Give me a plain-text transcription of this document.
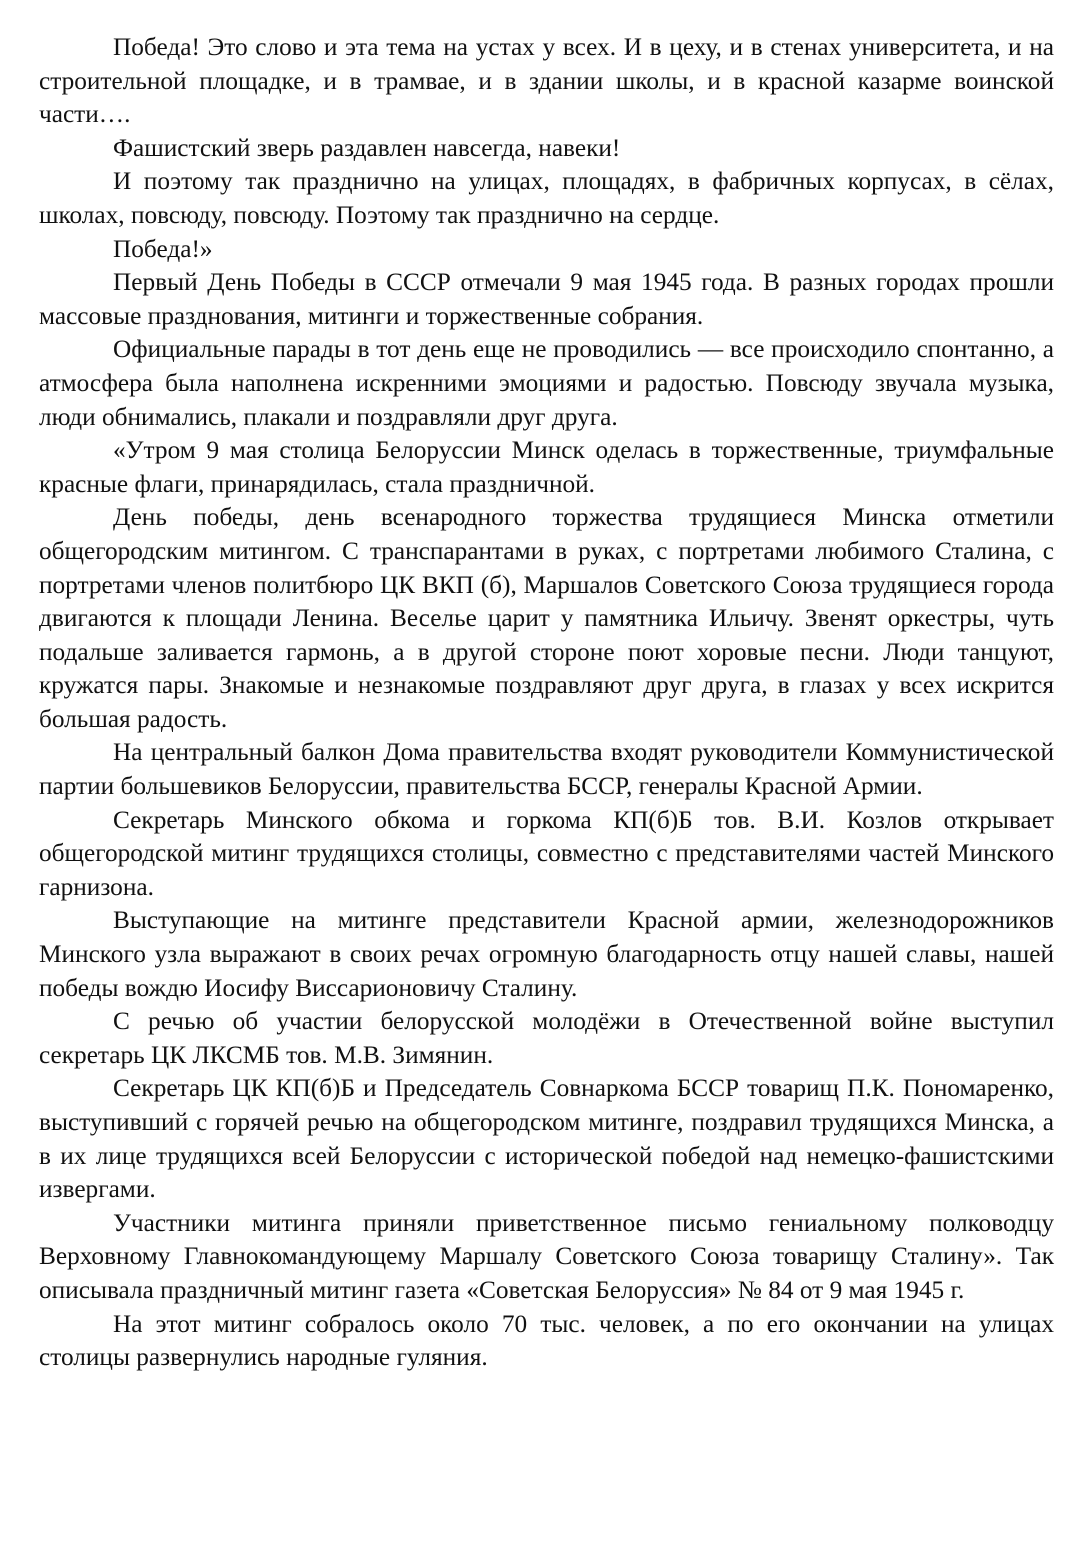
Победа! Это слово и эта тема на устах у всех. И в цеху, и в стенах университета, и на строительной площадке, и в трамвае, и в здании школы, и в красной казарме воинской части….

Фашистский зверь раздавлен навсегда, навеки!

И поэтому так празднично на улицах, площадях, в фабричных корпусах, в сёлах, школах, повсюду, повсюду. Поэтому так празднично на сердце.

Победа!»

Первый День Победы в СССР отмечали 9 мая 1945 года. В разных городах прошли массовые празднования, митинги и торжественные собрания.

Официальные парады в тот день еще не проводились — все происходило спонтанно, а атмосфера была наполнена искренними эмоциями и радостью. Повсюду звучала музыка, люди обнимались, плакали и поздравляли друг друга.

«Утром 9 мая столица Белоруссии Минск оделась в торжественные, триумфальные красные флаги, принарядилась, стала праздничной.

День победы, день всенародного торжества трудящиеся Минска отметили общегородским митингом. С транспарантами в руках, с портретами любимого Сталина, с портретами членов политбюро ЦК ВКП (б), Маршалов Советского Союза трудящиеся города двигаются к площади Ленина. Веселье царит у памятника Ильичу. Звенят оркестры, чуть подальше заливается гармонь, а в другой стороне поют хоровые песни. Люди танцуют, кружатся пары. Знакомые и незнакомые поздравляют друг друга, в глазах у всех искрится большая радость.

На центральный балкон Дома правительства входят руководители Коммунистической партии большевиков Белоруссии, правительства БССР, генералы Красной Армии.

Секретарь Минского обкома и горкома КП(б)Б тов. В.И. Козлов открывает общегородской митинг трудящихся столицы, совместно с представителями частей Минского гарнизона.

Выступающие на митинге представители Красной армии, железнодорожников Минского узла выражают в своих речах огромную благодарность отцу нашей славы, нашей победы вождю Иосифу Виссарионовичу Сталину.

С речью об участии белорусской молодёжи в Отечественной войне выступил секретарь ЦК ЛКСМБ тов. М.В. Зимянин.

Секретарь ЦК КП(б)Б и Председатель Совнаркома БССР товарищ П.К. Пономаренко, выступивший с горячей речью на общегородском митинге, поздравил трудящихся Минска, а в их лице трудящихся всей Белоруссии с исторической победой над немецко-фашистскими извергами.

Участники митинга приняли приветственное письмо гениальному полководцу Верховному Главнокомандующему Маршалу Советского Союза товарищу Сталину». Так описывала праздничный митинг газета «Советская Белоруссия» № 84 от 9 мая 1945 г.

На этот митинг собралось около 70 тыс. человек, а по его окончании на улицах столицы развернулись народные гуляния.
